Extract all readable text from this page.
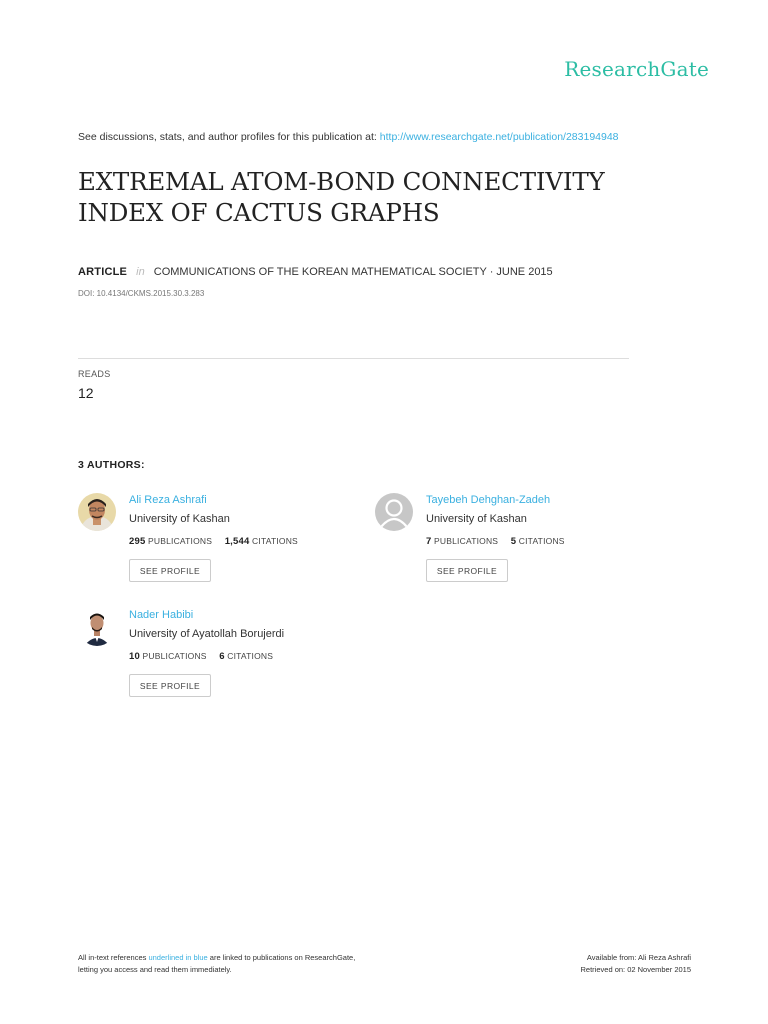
ResearchGate
See discussions, stats, and author profiles for this publication at: http://www.researchgate.net/publication/283194948
EXTREMAL ATOM-BOND CONNECTIVITY
INDEX OF CACTUS GRAPHS
ARTICLE in COMMUNICATIONS OF THE KOREAN MATHEMATICAL SOCIETY · JUNE 2015
DOI: 10.4134/CKMS.2015.30.3.283
READS
12
3 AUTHORS:
Ali Reza Ashrafi
University of Kashan
295 PUBLICATIONS 1,544 CITATIONS
SEE PROFILE
Tayebeh Dehghan-Zadeh
University of Kashan
7 PUBLICATIONS 5 CITATIONS
SEE PROFILE
Nader Habibi
University of Ayatollah Borujerdi
10 PUBLICATIONS 6 CITATIONS
SEE PROFILE
All in-text references underlined in blue are linked to publications on ResearchGate,
letting you access and read them immediately.
Available from: Ali Reza Ashrafi
Retrieved on: 02 November 2015
